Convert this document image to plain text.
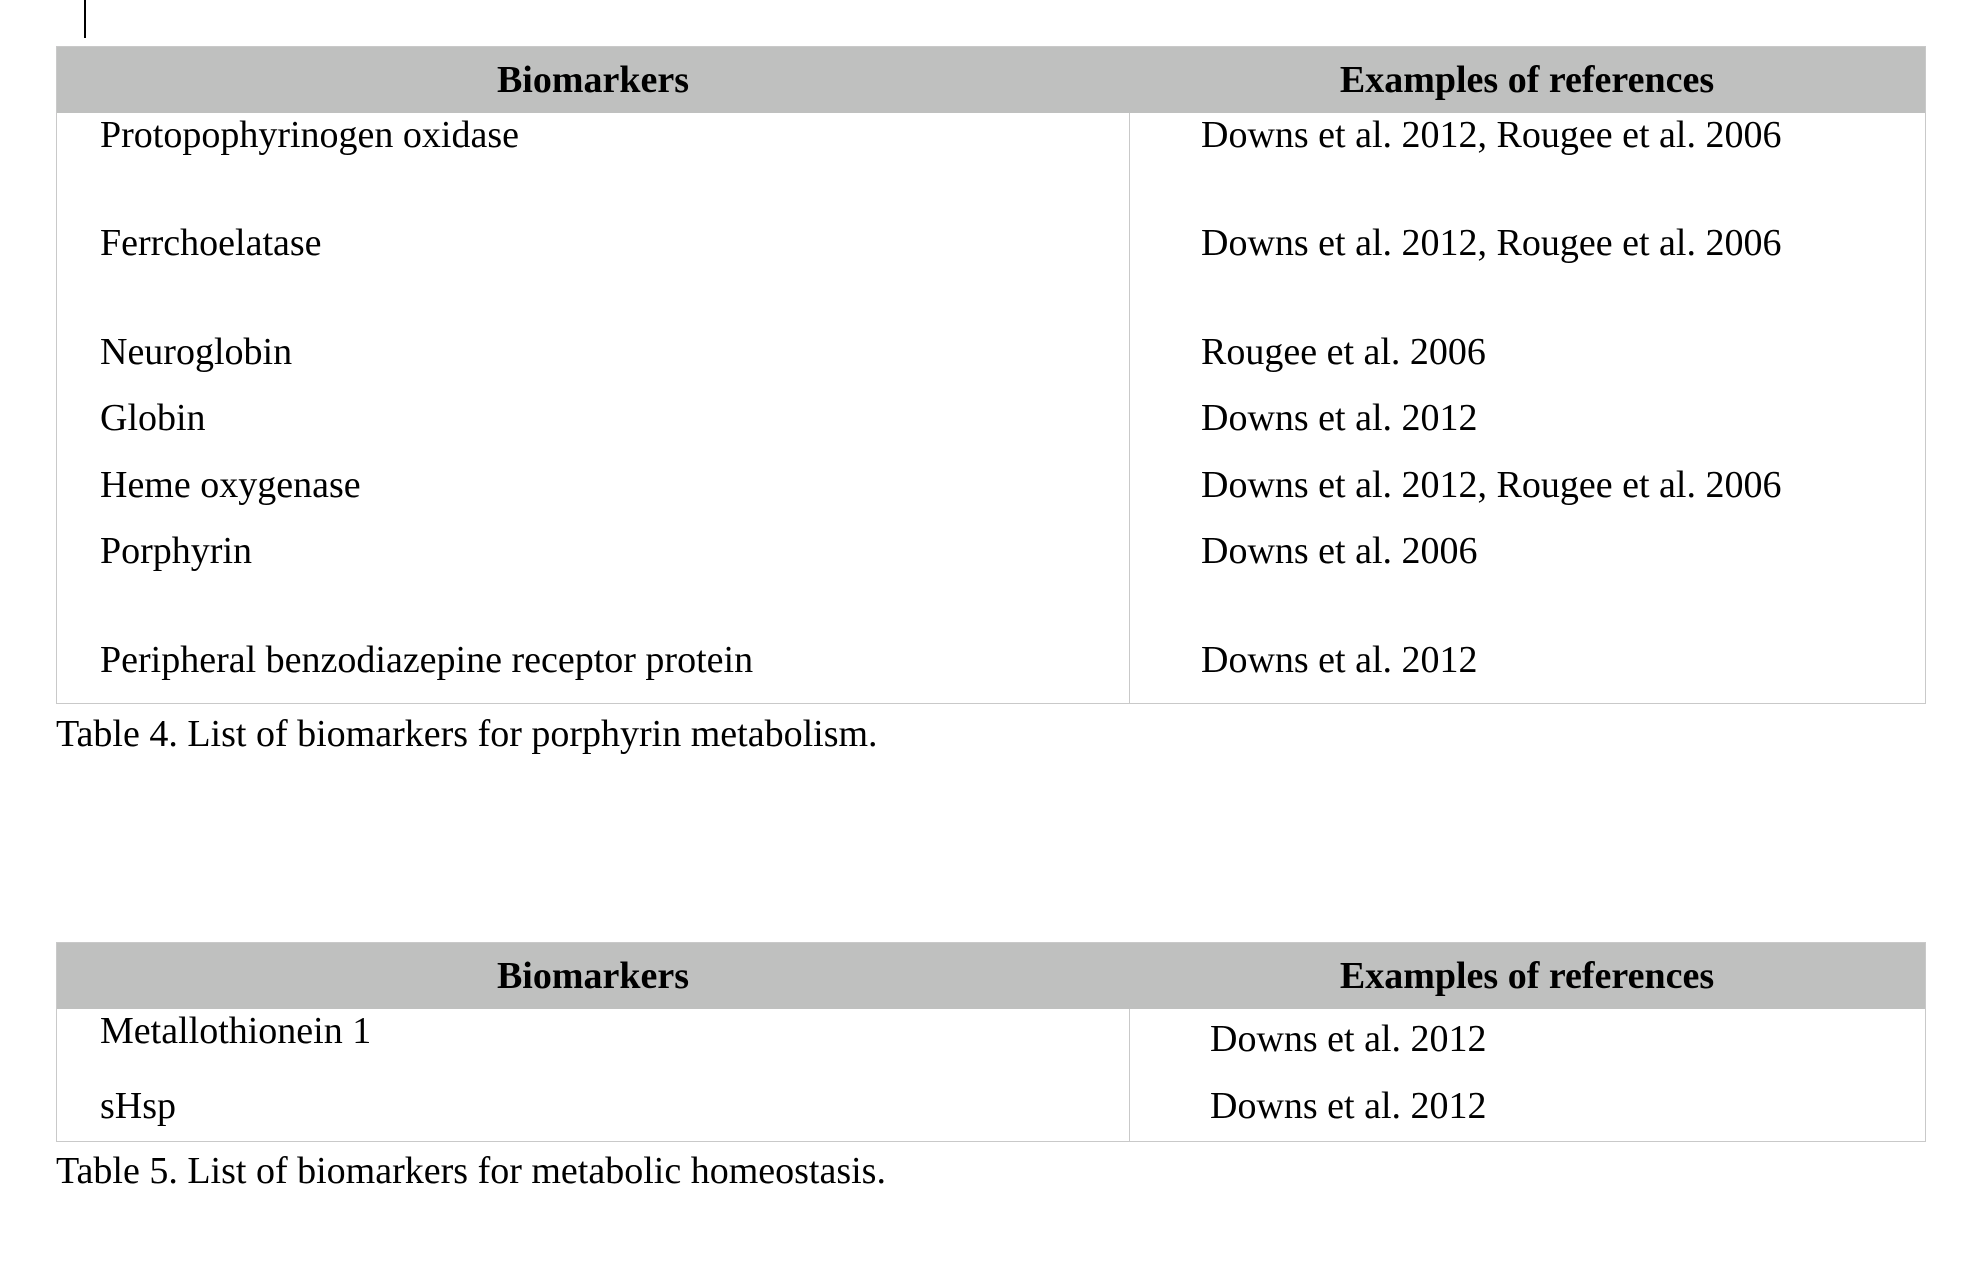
Biomarkers	Examples of references
Protopophyrinogen oxidase	Downs et al. 2012, Rougee et al. 2006
Ferrchoelatase	Downs et al. 2012, Rougee et al. 2006
Neuroglobin	Rougee et al. 2006
Globin	Downs et al. 2012
Heme oxygenase	Downs et al. 2012, Rougee et al. 2006
Porphyrin	Downs et al. 2006
Peripheral benzodiazepine receptor protein	Downs et al. 2012
Table 4. List of biomarkers for porphyrin metabolism.
Biomarkers	Examples of references
Metallothionein 1	Downs et al. 2012
sHsp	Downs et al. 2012
Table 5. List of biomarkers for metabolic homeostasis.
